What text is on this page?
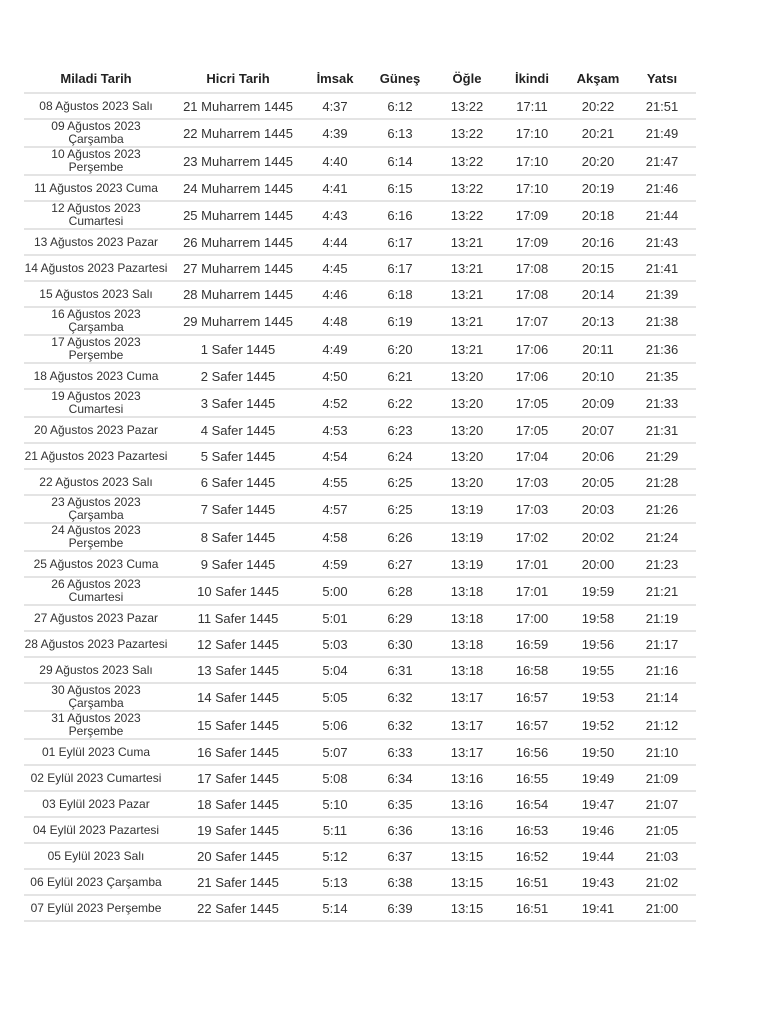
Miladi Tarih	Hicri Tarih	İmsak	Güneş	Öğle	İkindi	Akşam	Yatsı
08 Ağustos 2023 Salı	21 Muharrem 1445	4:37	6:12	13:22	17:11	20:22	21:51
09 Ağustos 2023 Çarşamba	22 Muharrem 1445	4:39	6:13	13:22	17:10	20:21	21:49
10 Ağustos 2023 Perşembe	23 Muharrem 1445	4:40	6:14	13:22	17:10	20:20	21:47
11 Ağustos 2023 Cuma	24 Muharrem 1445	4:41	6:15	13:22	17:10	20:19	21:46
12 Ağustos 2023 Cumartesi	25 Muharrem 1445	4:43	6:16	13:22	17:09	20:18	21:44
13 Ağustos 2023 Pazar	26 Muharrem 1445	4:44	6:17	13:21	17:09	20:16	21:43
14 Ağustos 2023 Pazartesi	27 Muharrem 1445	4:45	6:17	13:21	17:08	20:15	21:41
15 Ağustos 2023 Salı	28 Muharrem 1445	4:46	6:18	13:21	17:08	20:14	21:39
16 Ağustos 2023 Çarşamba	29 Muharrem 1445	4:48	6:19	13:21	17:07	20:13	21:38
17 Ağustos 2023 Perşembe	1 Safer 1445	4:49	6:20	13:21	17:06	20:11	21:36
18 Ağustos 2023 Cuma	2 Safer 1445	4:50	6:21	13:20	17:06	20:10	21:35
19 Ağustos 2023 Cumartesi	3 Safer 1445	4:52	6:22	13:20	17:05	20:09	21:33
20 Ağustos 2023 Pazar	4 Safer 1445	4:53	6:23	13:20	17:05	20:07	21:31
21 Ağustos 2023 Pazartesi	5 Safer 1445	4:54	6:24	13:20	17:04	20:06	21:29
22 Ağustos 2023 Salı	6 Safer 1445	4:55	6:25	13:20	17:03	20:05	21:28
23 Ağustos 2023 Çarşamba	7 Safer 1445	4:57	6:25	13:19	17:03	20:03	21:26
24 Ağustos 2023 Perşembe	8 Safer 1445	4:58	6:26	13:19	17:02	20:02	21:24
25 Ağustos 2023 Cuma	9 Safer 1445	4:59	6:27	13:19	17:01	20:00	21:23
26 Ağustos 2023 Cumartesi	10 Safer 1445	5:00	6:28	13:18	17:01	19:59	21:21
27 Ağustos 2023 Pazar	11 Safer 1445	5:01	6:29	13:18	17:00	19:58	21:19
28 Ağustos 2023 Pazartesi	12 Safer 1445	5:03	6:30	13:18	16:59	19:56	21:17
29 Ağustos 2023 Salı	13 Safer 1445	5:04	6:31	13:18	16:58	19:55	21:16
30 Ağustos 2023 Çarşamba	14 Safer 1445	5:05	6:32	13:17	16:57	19:53	21:14
31 Ağustos 2023 Perşembe	15 Safer 1445	5:06	6:32	13:17	16:57	19:52	21:12
01 Eylül 2023 Cuma	16 Safer 1445	5:07	6:33	13:17	16:56	19:50	21:10
02 Eylül 2023 Cumartesi	17 Safer 1445	5:08	6:34	13:16	16:55	19:49	21:09
03 Eylül 2023 Pazar	18 Safer 1445	5:10	6:35	13:16	16:54	19:47	21:07
04 Eylül 2023 Pazartesi	19 Safer 1445	5:11	6:36	13:16	16:53	19:46	21:05
05 Eylül 2023 Salı	20 Safer 1445	5:12	6:37	13:15	16:52	19:44	21:03
06 Eylül 2023 Çarşamba	21 Safer 1445	5:13	6:38	13:15	16:51	19:43	21:02
07 Eylül 2023 Perşembe	22 Safer 1445	5:14	6:39	13:15	16:51	19:41	21:00
